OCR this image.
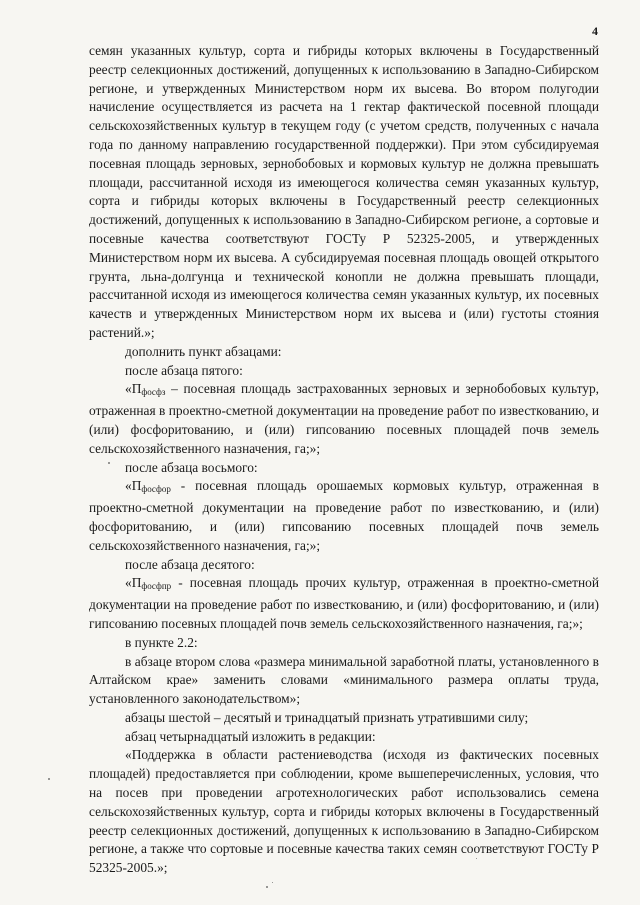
4

семян указанных культур, сорта и гибриды которых включены в Государственный реестр селекционных достижений, допущенных к использованию в Западно-Сибирском регионе, и утвержденных Министерством норм их высева. Во втором полугодии начисление осуществляется из расчета на 1 гектар фактической посевной площади сельскохозяйственных культур в текущем году (с учетом средств, полученных с начала года по данному направлению государственной поддержки). При этом субсидируемая посевная площадь зерновых, зернобобовых и кормовых культур не должна превышать площади, рассчитанной исходя из имеющегося количества семян указанных культур, сорта и гибриды которых включены в Государственный реестр селекционных достижений, допущенных к использованию в Западно-Сибирском регионе, а сортовые и посевные качества соответствуют ГОСТу Р 52325-2005, и утвержденных Министерством норм их высева. А субсидируемая посевная площадь овощей открытого грунта, льна-долгунца и технической конопли не должна превышать площади, рассчитанной исходя из имеющегося количества семян указанных культур, их посевных качеств и утвержденных Министерством норм их высева и (или) густоты стояния растений.»;

дополнить пункт абзацами:

после абзаца пятого:

«$П_{фосфз}$ – посевная площадь застрахованных зерновых и зернобобовых культур, отраженная в проектно-сметной документации на проведение работ по известкованию, и (или) фосфоритованию, и (или) гипсованию посевных площадей почв земель сельскохозяйственного назначения, га;»;

после абзаца восьмого:

«$П_{фосфор}$ - посевная площадь орошаемых кормовых культур, отраженная в проектно-сметной документации на проведение работ по известкованию, и (или) фосфоритованию, и (или) гипсованию посевных площадей почв земель сельскохозяйственного назначения, га;»;

после абзаца десятого:

«$П_{фосфпр}$ - посевная площадь прочих культур, отраженная в проектно-сметной документации на проведение работ по известкованию, и (или) фосфоритованию, и (или) гипсованию посевных площадей почв земель сельскохозяйственного назначения, га;»;

в пункте 2.2:

в абзаце втором слова «размера минимальной заработной платы, установленного в Алтайском крае» заменить словами «минимального размера оплаты труда, установленного законодательством»;

абзацы шестой – десятый и тринадцатый признать утратившими силу;

абзац четырнадцатый изложить в редакции:

«Поддержка в области растениеводства (исходя из фактических посевных площадей) предоставляется при соблюдении, кроме вышеперечисленных, условия, что на посев при проведении агротехнологических работ использовались семена сельскохозяйственных культур, сорта и гибриды которых включены в Государственный реестр селекционных достижений, допущенных к использованию в Западно-Сибирском регионе, а также что сортовые и посевные качества таких семян соответствуют ГОСТу Р 52325-2005.»;
